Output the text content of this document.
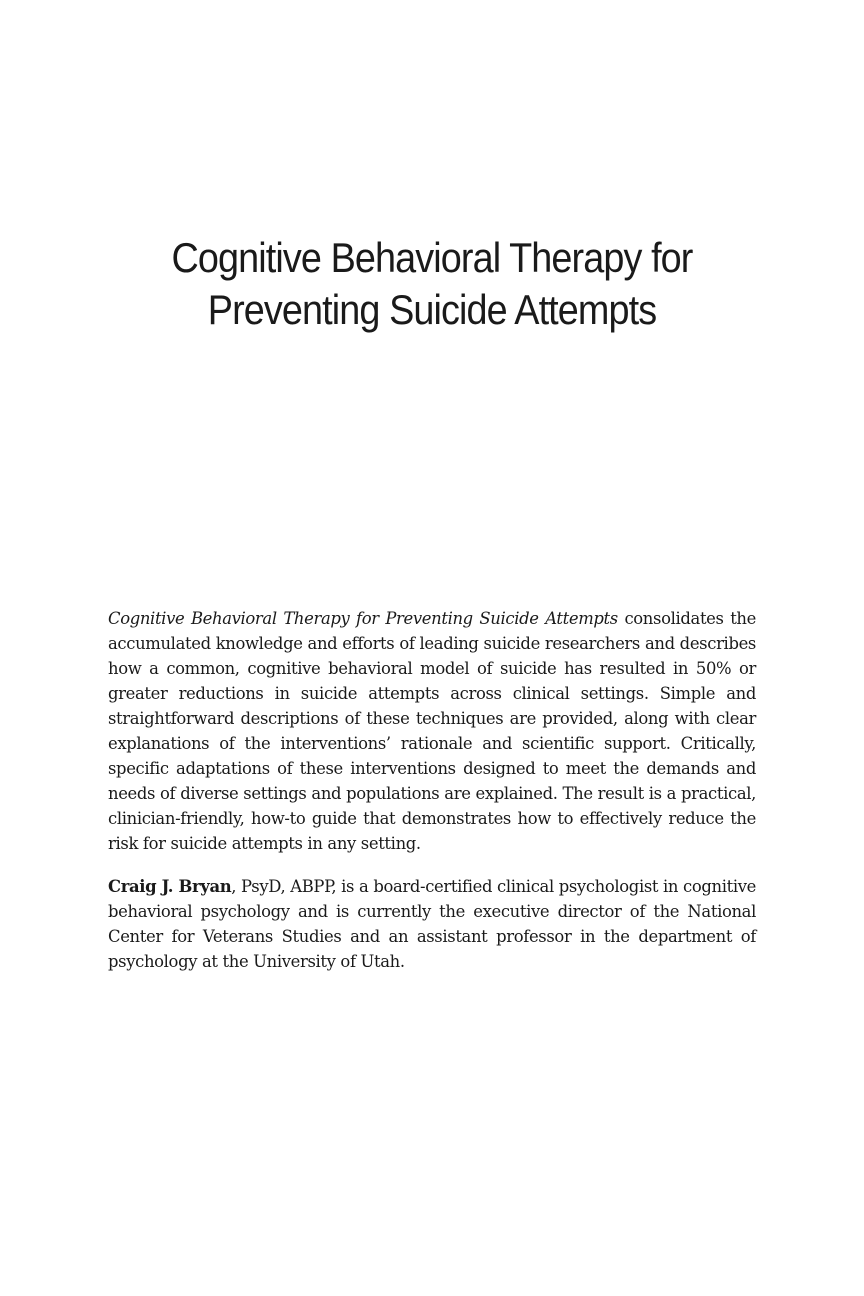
Cognitive Behavioral Therapy for
Preventing Suicide Attempts

Cognitive Behavioral Therapy for Preventing Suicide Attempts consolidates the accumulated knowledge and efforts of leading suicide researchers and describes how a common, cognitive behavioral model of suicide has resulted in 50% or greater reductions in suicide attempts across clinical settings. Simple and straightforward descriptions of these techniques are provided, along with clear explanations of the interventions’ rationale and scientific support. Critically, specific adaptations of these interventions designed to meet the demands and needs of diverse settings and populations are explained. The result is a practical, clinician-friendly, how-to guide that demonstrates how to effectively reduce the risk for suicide attempts in any setting.

Craig J. Bryan, PsyD, ABPP, is a board-certified clinical psychologist in cognitive behavioral psychology and is currently the executive director of the National Center for Veterans Studies and an assistant professor in the department of psychology at the University of Utah.
